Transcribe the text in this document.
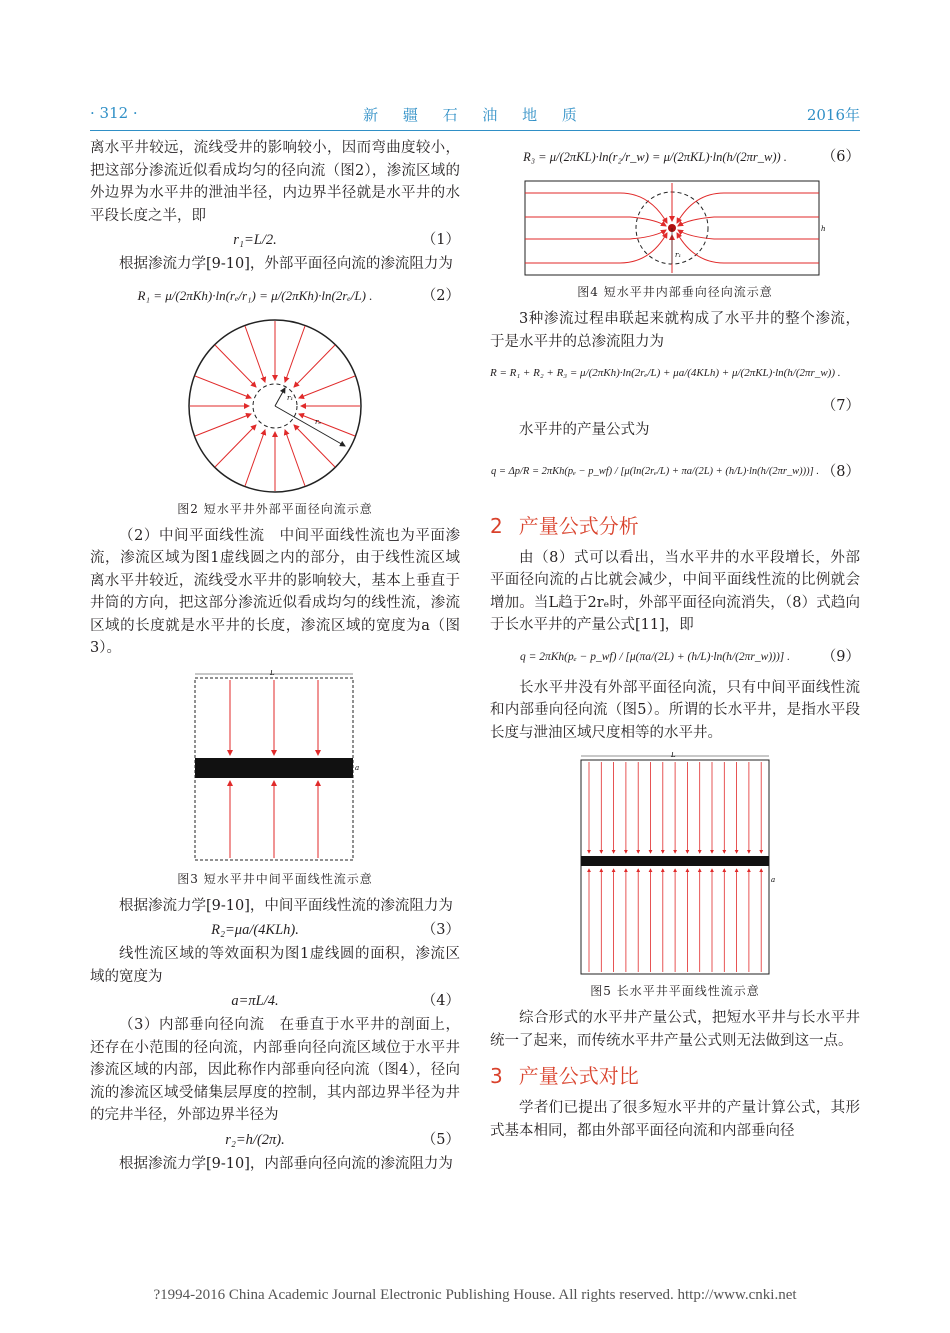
新 疆 石 油 地 质
· 312 ·	2016年

离水平井较远，流线受井的影响较小，因而弯曲度较小，把这部分渗流近似看成均匀的径向流（图2），渗流区域的外边界为水平井的泄油半径，内边界半径就是水平井的水平段长度之半，即

r₁=L/2.	（1）

根据渗流力学[9-10]，外部平面径向流的渗流阻力为

R₁ = μ/(2πKh)·ln(rₑ/r₁) = μ/(2πKh)·ln(2rₑ/L) .	（2）
r₁
rₑ
图2 短水平井外部平面径向流示意

（2）中间平面线性流　中间平面线性流也为平面渗流，渗流区域为图1虚线圆之内的部分，由于线性流区域离水平井较近，流线受水平井的影响较大，基本上垂直于井筒的方向，把这部分渗流近似看成均匀的线性流，渗流区域的长度就是水平井的长度，渗流区域的宽度为a（图3）。

L
a
图3 短水平井中间平面线性流示意

根据渗流力学[9-10]，中间平面线性流的渗流阻力为

R₂=μa/(4KLh).	（3）

线性流区域的等效面积为图1虚线圆的面积，渗流区域的宽度为

a=πL/4.	（4）

（3）内部垂向径向流　在垂直于水平井的剖面上，还存在小范围的径向流，内部垂向径向流区域位于水平井渗流区域的内部，因此称作内部垂向径向流（图4），径向流的渗流区域受储集层厚度的控制，其内部边界半径为井的完井半径，外部边界半径为

r₂=h/(2π).	（5）

根据渗流力学[9-10]，内部垂向径向流的渗流阻力为

R₃ = μ/(2πKL)·ln(r₂/r_w) = μ/(2πKL)·ln(h/(2πr_w)) .	（6）
r₁
h
图4 短水平井内部垂向径向流示意

3种渗流过程串联起来就构成了水平井的整个渗流，于是水平井的总渗流阻力为

R = R₁ + R₂ + R₃ = μ/(2πKh)·ln(2rₑ/L) + μa/(4KLh) + μ/(2πKL)·ln(h/(2πr_w)) .
（7）

水平井的产量公式为

q = Δp/R = 2πKh(pₑ − p_wf) / [μ(ln(2rₑ/L) + πa/(2L) + (h/L)·ln(h/(2πr_w)))] . （8）
2 产量公式分析

由（8）式可以看出，当水平井的水平段增长，外部平面径向流的占比就会减少，中间平面线性流的比例就会增加。当L趋于2rₑ时，外部平面径向流消失，（8）式趋向于长水平井的产量公式[11]，即

q = 2πKh(pₑ − p_wf) / [μ(πa/(2L) + (h/L)·ln(h/(2πr_w)))] .	（9）

长水平井没有外部平面径向流，只有中间平面线性流和内部垂向径向流（图5）。所谓的长水平井，是指水平段长度与泄油区域尺度相等的水平井。

L
a
图5 长水平井平面线性流示意

综合形式的水平井产量公式，把短水平井与长水平井统一了起来，而传统水平井产量公式则无法做到这一点。

3 产量公式对比

学者们已提出了很多短水平井的产量计算公式，其形式基本相同，都由外部平面径向流和内部垂向径

?1994-2016 China Academic Journal Electronic Publishing House. All rights reserved. http://www.cnki.net
